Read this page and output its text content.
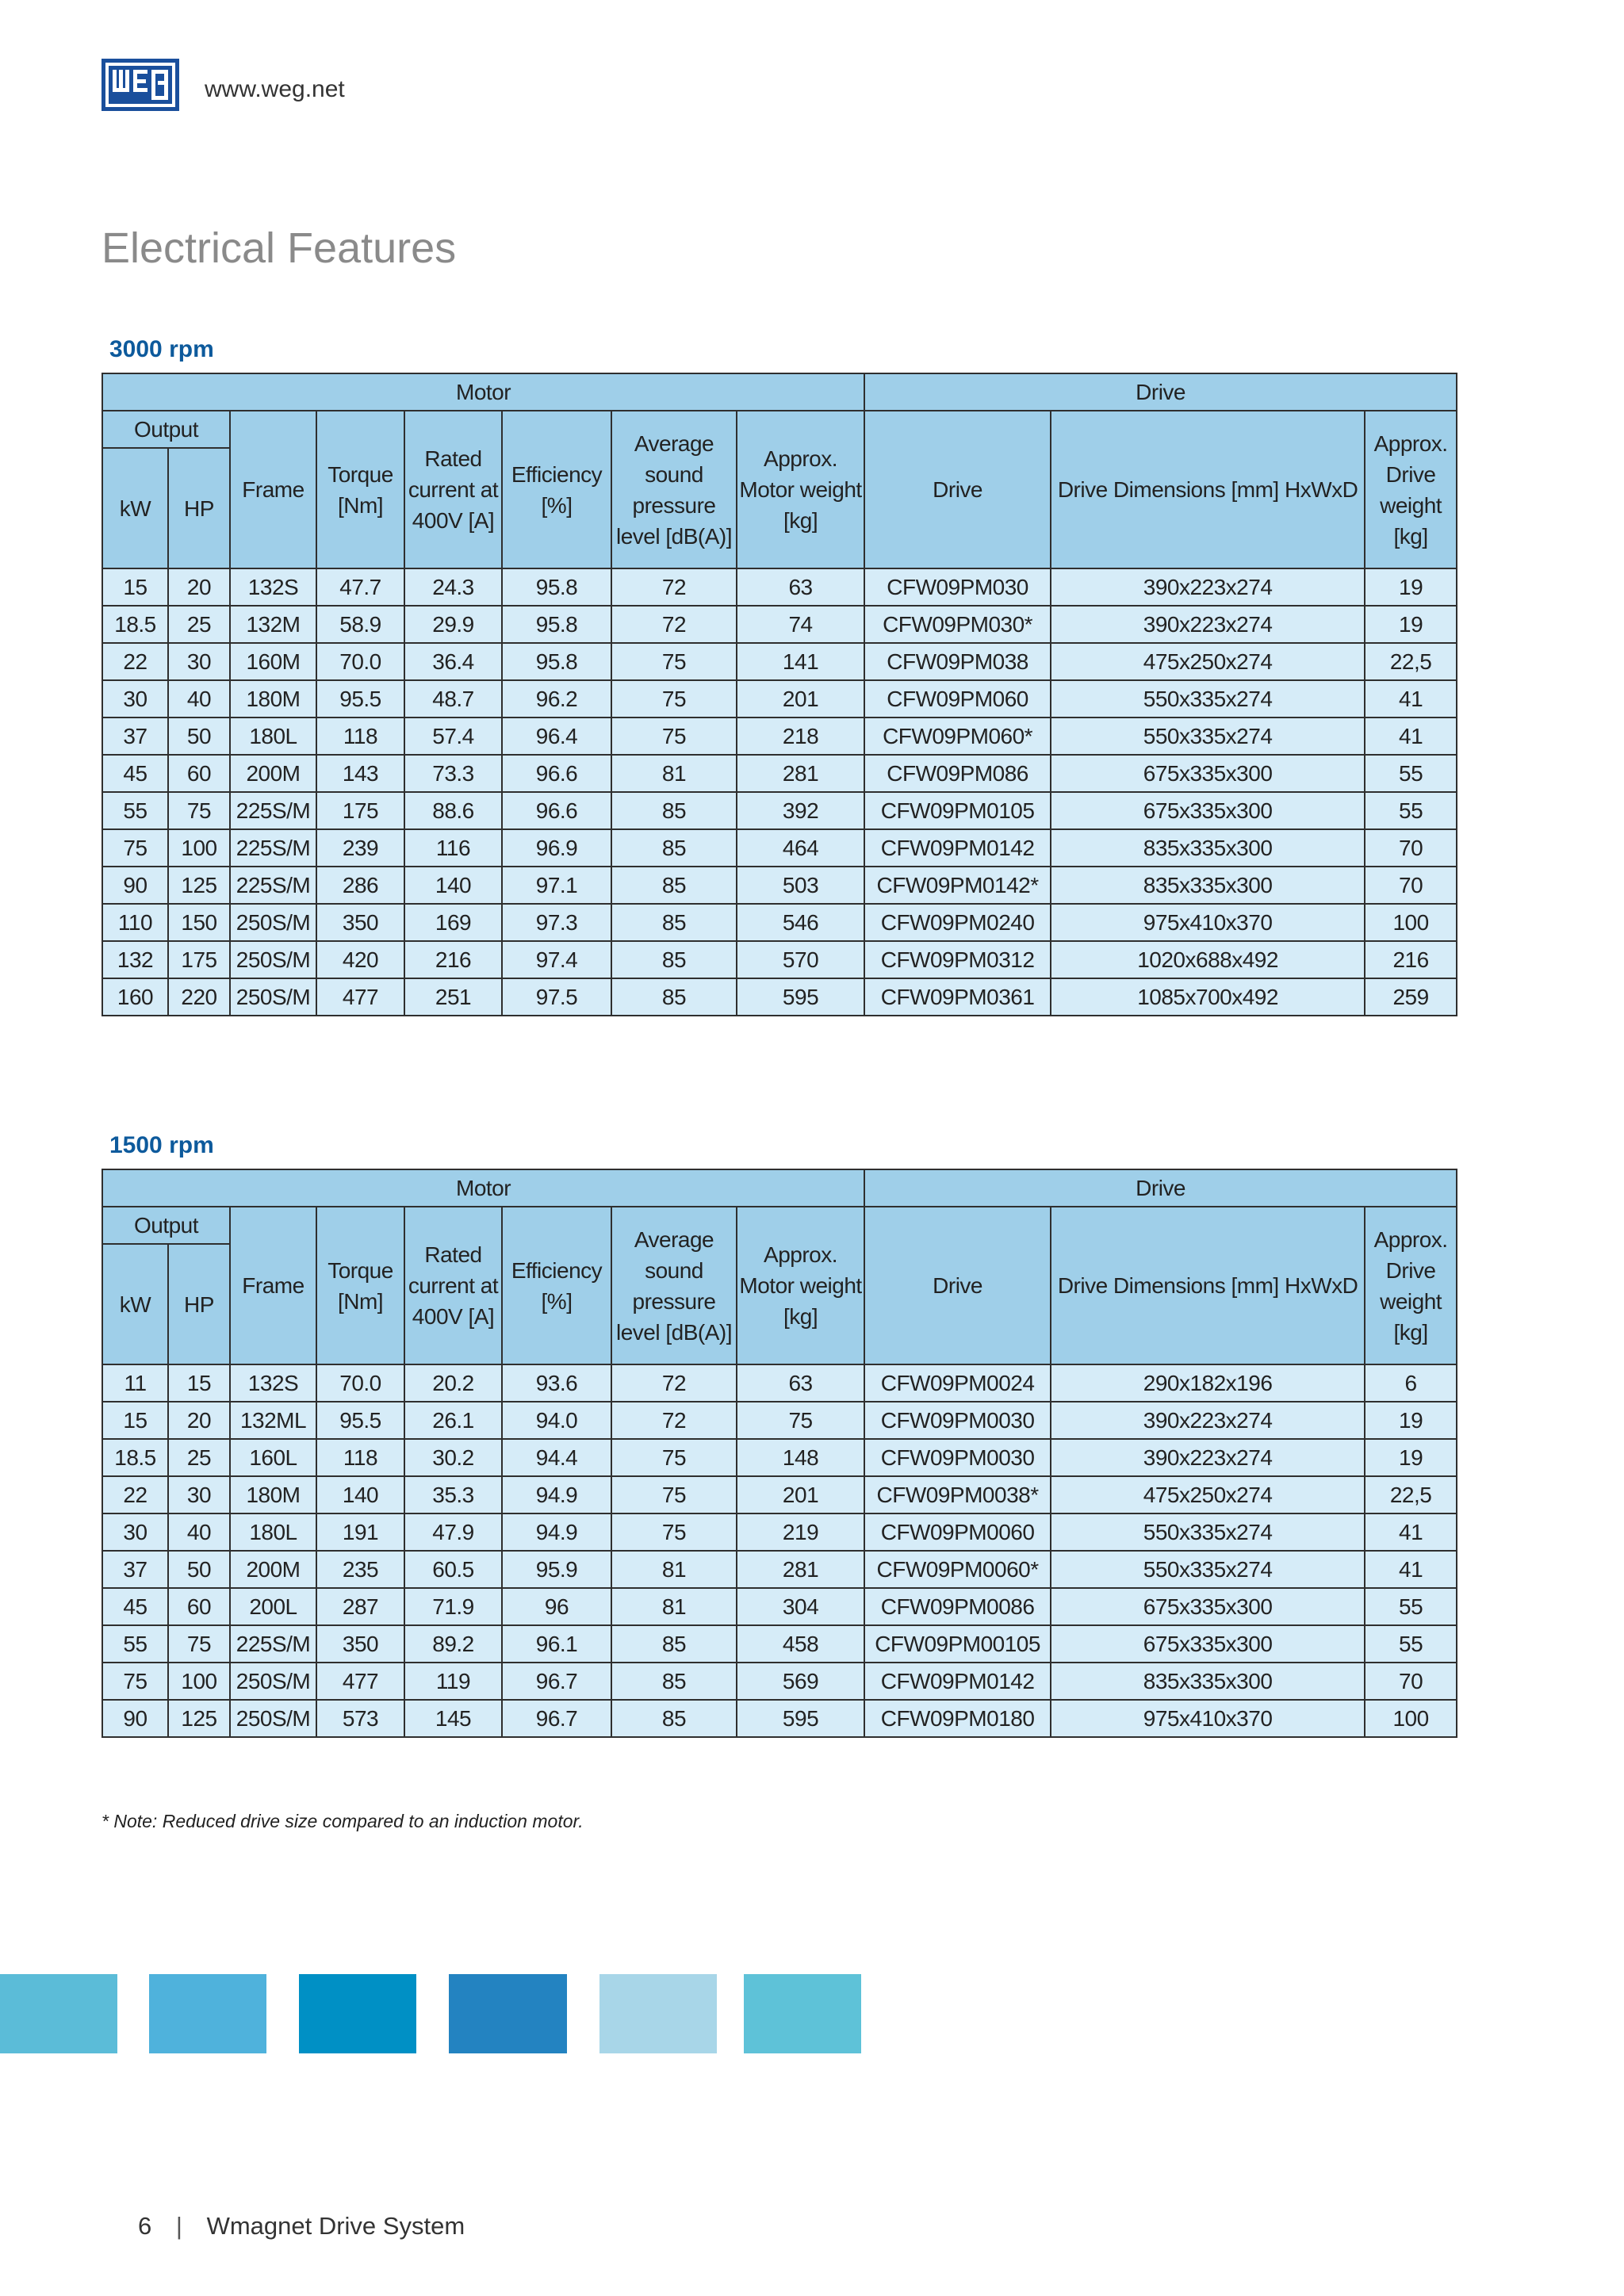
www.weg.net
Electrical Features
3000 rpm
Motor								Drive		
Output		Frame	Torque [Nm]	Rated current at 400V [A]	Efficiency [%]	Average sound pressure level [dB(A)]	Approx. Motor weight [kg]	Drive	Drive Dimensions [mm] HxWxD	Approx. Drive weight [kg]
kW	HP									
15	20	132S	47.7	24.3	95.8	72	63	CFW09PM030	390x223x274	19
18.5	25	132M	58.9	29.9	95.8	72	74	CFW09PM030*	390x223x274	19
22	30	160M	70.0	36.4	95.8	75	141	CFW09PM038	475x250x274	22,5
30	40	180M	95.5	48.7	96.2	75	201	CFW09PM060	550x335x274	41
37	50	180L	118	57.4	96.4	75	218	CFW09PM060*	550x335x274	41
45	60	200M	143	73.3	96.6	81	281	CFW09PM086	675x335x300	55
55	75	225S/M	175	88.6	96.6	85	392	CFW09PM0105	675x335x300	55
75	100	225S/M	239	116	96.9	85	464	CFW09PM0142	835x335x300	70
90	125	225S/M	286	140	97.1	85	503	CFW09PM0142*	835x335x300	70
110	150	250S/M	350	169	97.3	85	546	CFW09PM0240	975x410x370	100
132	175	250S/M	420	216	97.4	85	570	CFW09PM0312	1020x688x492	216
160	220	250S/M	477	251	97.5	85	595	CFW09PM0361	1085x700x492	259
1500 rpm
Motor								Drive		
Output		Frame	Torque [Nm]	Rated current at 400V [A]	Efficiency [%]	Average sound pressure level [dB(A)]	Approx. Motor weight [kg]	Drive	Drive Dimensions [mm] HxWxD	Approx. Drive weight [kg]
kW	HP									
11	15	132S	70.0	20.2	93.6	72	63	CFW09PM0024	290x182x196	6
15	20	132ML	95.5	26.1	94.0	72	75	CFW09PM0030	390x223x274	19
18.5	25	160L	118	30.2	94.4	75	148	CFW09PM0030	390x223x274	19
22	30	180M	140	35.3	94.9	75	201	CFW09PM0038*	475x250x274	22,5
30	40	180L	191	47.9	94.9	75	219	CFW09PM0060	550x335x274	41
37	50	200M	235	60.5	95.9	81	281	CFW09PM0060*	550x335x274	41
45	60	200L	287	71.9	96	81	304	CFW09PM0086	675x335x300	55
55	75	225S/M	350	89.2	96.1	85	458	CFW09PM00105	675x335x300	55
75	100	250S/M	477	119	96.7	85	569	CFW09PM0142	835x335x300	70
90	125	250S/M	573	145	96.7	85	595	CFW09PM0180	975x410x370	100
* Note: Reduced drive size compared to an induction motor.
6 | Wmagnet Drive System
